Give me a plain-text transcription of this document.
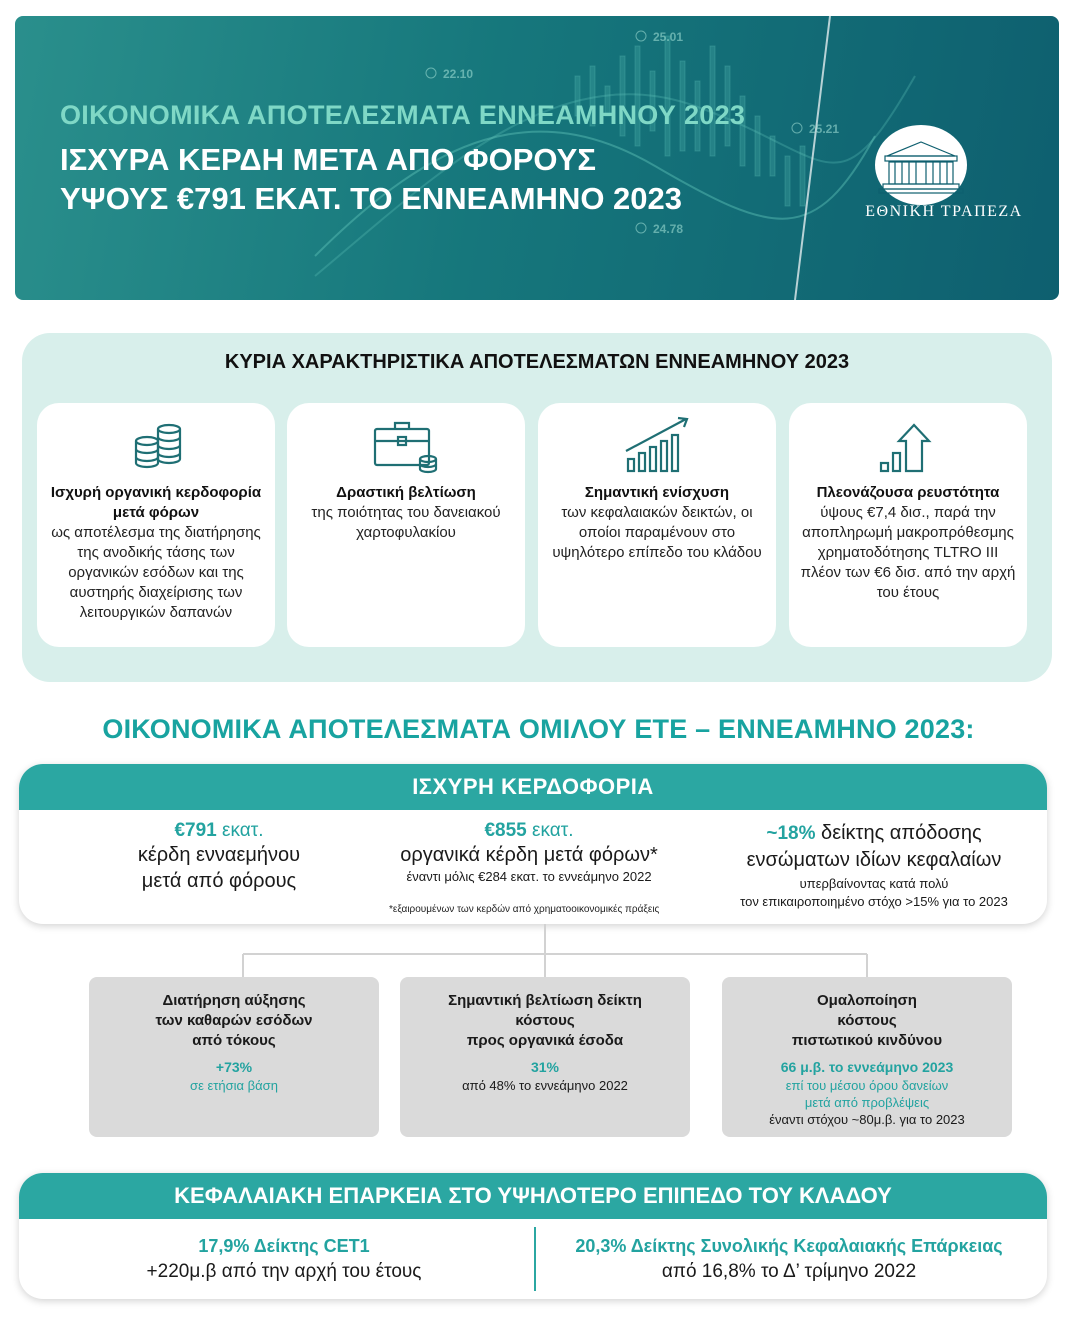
25.01
22.10
25.21
24.78
ΟΙΚΟΝΟΜΙΚΑ ΑΠΟΤΕΛΕΣΜΑΤΑ ΕΝΝΕΑΜΗΝΟΥ 2023
ΙΣΧΥΡΑ ΚΕΡΔΗ ΜΕΤΑ ΑΠΟ ΦΟΡΟΥΣ
ΥΨΟΥΣ €791 ΕΚΑΤ. ΤΟ ΕΝΝΕΑΜΗΝΟ 2023	ΕΘΝΙΚΗ ΤΡΑΠΕΖΑ
ΚΥΡΙΑ ΧΑΡΑΚΤΗΡΙΣΤΙΚΑ ΑΠΟΤΕΛΕΣΜΑΤΩΝ ΕΝΝΕΑΜΗΝΟΥ 2023
Ισχυρή οργανική κερδοφορία μετά φόρων
ως αποτέλεσμα της διατήρησης της ανοδικής τάσης των οργανικών εσόδων και της αυστηρής διαχείρισης των λειτουργικών δαπανών
Δραστική βελτίωση
της ποιότητας του δανειακού χαρτοφυλακίου
Σημαντική ενίσχυση
των κεφαλαιακών δεικτών, οι οποίοι παραμένουν στο υψηλότερο επίπεδο του κλάδου
Πλεονάζουσα ρευστότητα
ύψους €7,4 δισ., παρά την αποπληρωμή μακροπρόθεσμης χρηματοδότησης TLTRO III πλέον των €6 δισ. από την αρχή του έτους
ΟΙΚΟΝΟΜΙΚΑ ΑΠΟΤΕΛΕΣΜΑΤΑ ΟΜΙΛΟΥ ΕΤΕ – ΕΝΝΕΑΜΗΝΟ 2023:
ΙΣΧΥΡΗ ΚΕΡΔΟΦΟΡΙΑ
€791 εκατ.
κέρδη ενναεμήνου
μετά από φόρους
€855 εκατ.
οργανικά κέρδη μετά φόρων*
έναντι μόλις €284 εκατ. το εννεάμηνο 2022
~18% δείκτης απόδοσης
ενσώματων ιδίων κεφαλαίων
υπερβαίνοντας κατά πολύ
τον επικαιροποιημένο στόχο >15% για το 2023
*εξαιρουμένων των κερδών από χρηματοοικονομικές πράξεις
Διατήρηση αύξησης
των καθαρών εσόδων
από τόκους
+73%
σε ετήσια βάση
Σημαντική βελτίωση δείκτη
κόστους
προς οργανικά έσοδα
31%
από 48% το εννεάμηνο 2022
Ομαλοποίηση
κόστους
πιστωτικού κινδύνου
66 μ.β. το εννεάμηνο 2023
επί του μέσου όρου δανείων
μετά από προβλέψεις
έναντι στόχου ~80μ.β. για το 2023
ΚΕΦΑΛΑΙΑΚΗ ΕΠΑΡΚΕΙΑ ΣΤΟ ΥΨΗΛΟΤΕΡΟ ΕΠΙΠΕΔΟ ΤΟΥ ΚΛΑΔΟΥ
17,9% Δείκτης CET1
+220μ.β από την αρχή του έτους
20,3% Δείκτης Συνολικής Κεφαλαιακής Επάρκειας
από 16,8% το Δ’ τρίμηνο 2022
